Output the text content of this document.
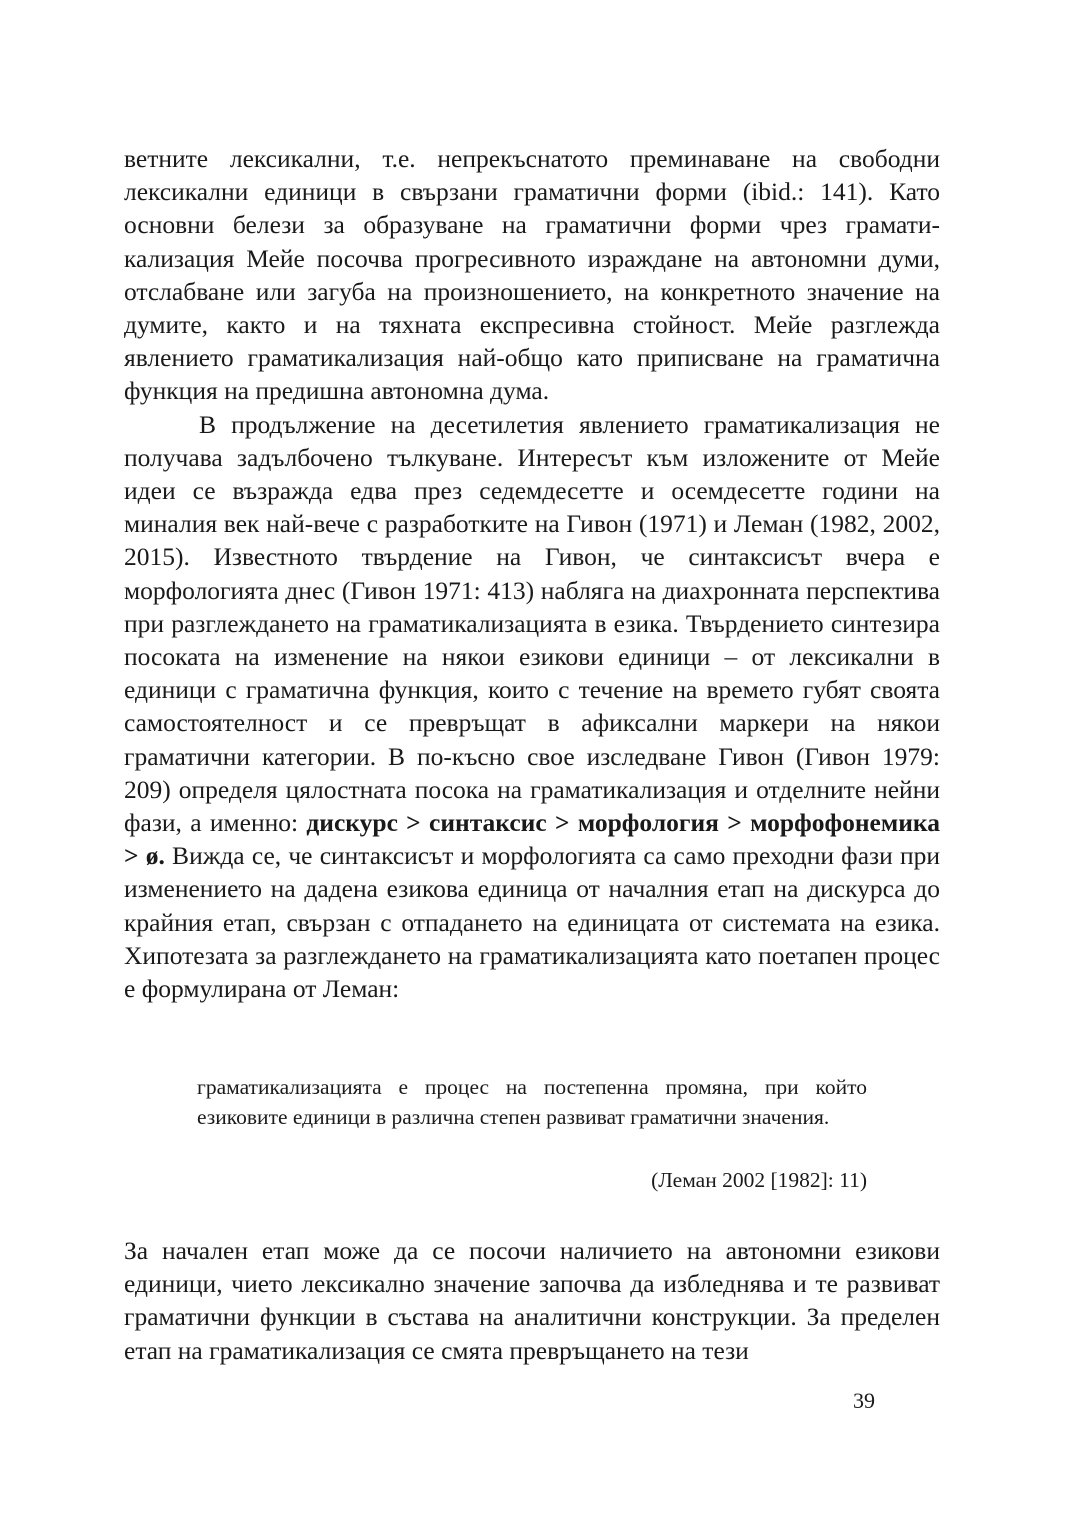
ветните лексикални, т.е. непрекъснатото преминаване на свободни лексикални единици в свързани граматични форми (ibid.: 141). Като основни белези за образуване на граматични форми чрез граматикализация Мейе посочва прогресивното израждане на автономни думи, отслабване или загуба на произношението, на конкретното значение на думите, както и на тяхната експресивна стойност. Мейе разглежда явлението граматикализация най-общо като приписване на граматична функция на предишна автономна дума.

В продължение на десетилетия явлението граматикализация не получава задълбочено тълкуване. Интересът към изложените от Мейе идеи се възражда едва през седемдесетте и осемдесетте години на миналия век най-вече с разработките на Гивон (1971) и Леман (1982, 2002, 2015). Известното твърдение на Гивон, че синтаксисът вчера е морфологията днес (Гивон 1971: 413) набляга на диахронната перспектива при разглеждането на граматикализацията в езика. Твърдението синтезира посоката на изменение на някои езикови единици – от лексикални в единици с граматична функция, които с течение на времето губят своята самостоятелност и се превръщат в афиксални маркери на някои граматични категории. В по-късно свое изследване Гивон (Гивон 1979: 209) определя цялостната посока на граматикализация и отделните нейни фази, а именно: дискурс > синтаксис > морфология > морфофонемика > ø. Вижда се, че синтаксисът и морфологията са само преходни фази при изменението на дадена езикова единица от началния етап на дискурса до крайния етап, свързан с отпадането на единицата от системата на езика. Хипотезата за разглеждането на граматикализацията като поетапен процес е формулирана от Леман:

граматикализацията е процес на постепенна промяна, при който езиковите единици в различна степен развиват граматични значения.

(Леман 2002 [1982]: 11)

За начален етап може да се посочи наличието на автономни езикови единици, чието лексикално значение започва да избледнява и те развиват граматични функции в състава на аналитични конструкции. За пределен етап на граматикализация се смята превръщането на тези

39
